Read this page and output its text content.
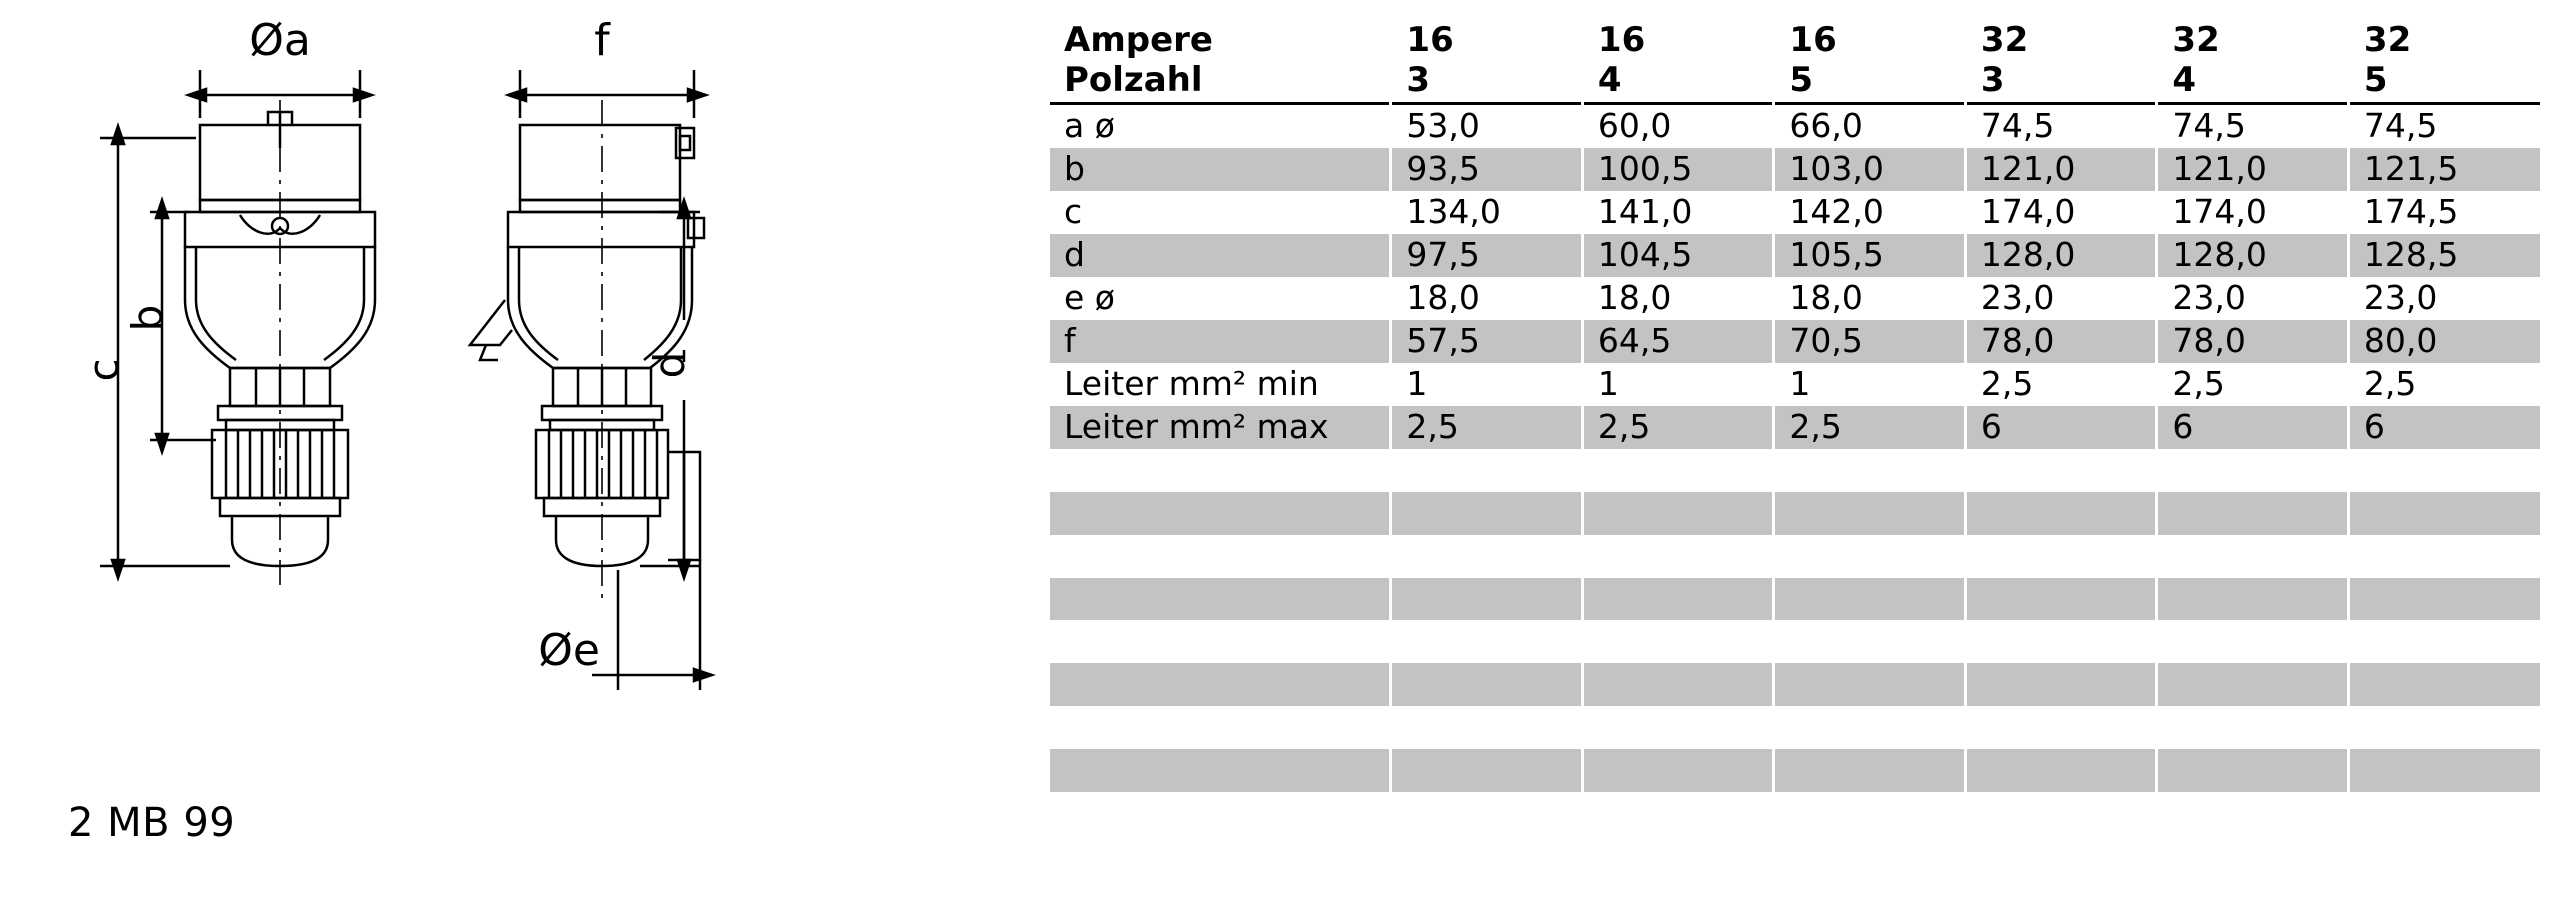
Øa	f
b
c	d
Øe
2 MB 99
Ampere	16	16	16	32	32	32
Polzahl	3	4	5	3	4	5
a ø	53,0	60,0	66,0	74,5	74,5	74,5
b	93,5	100,5	103,0	121,0	121,0	121,5
c	134,0	141,0	142,0	174,0	174,0	174,5
d	97,5	104,5	105,5	128,0	128,0	128,5
e ø	18,0	18,0	18,0	23,0	23,0	23,0
f	57,5	64,5	70,5	78,0	78,0	80,0
Leiter mm² min	1	1	1	2,5	2,5	2,5
Leiter mm² max	2,5	2,5	2,5	6	6	6
